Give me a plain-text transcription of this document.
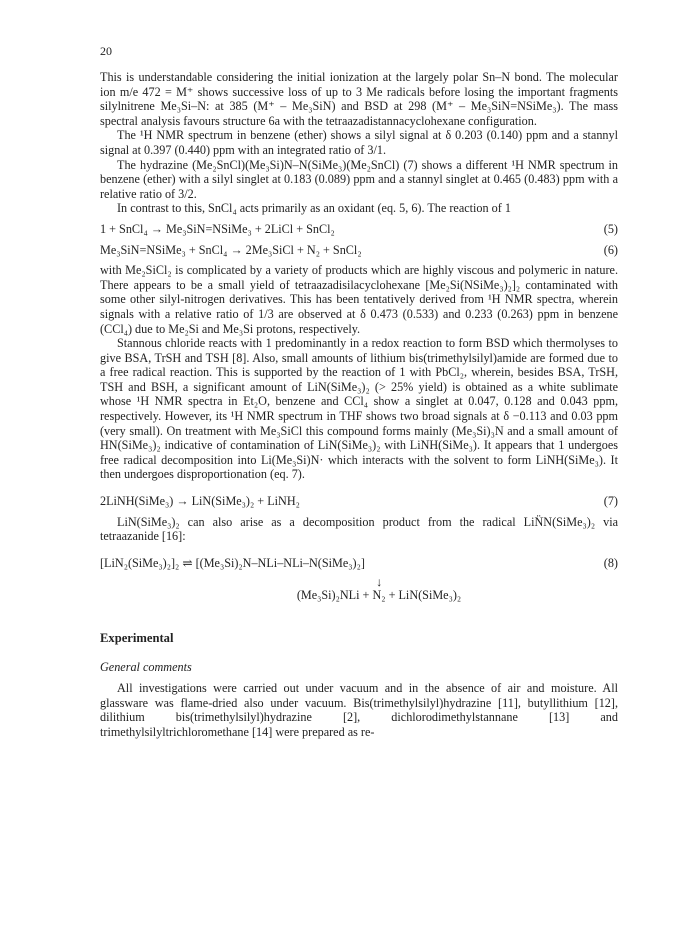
20

This is understandable considering the initial ionization at the largely polar Sn–N bond. The molecular ion m/e 472 = M⁺ shows successive loss of up to 3 Me radicals before losing the important fragments silylnitrene Me₃Si–N: at 385 (M⁺ – Me₃SiN) and BSD at 298 (M⁺ – Me₃SiN=NSiMe₃). The mass spectral analysis favours structure 6a with the tetraazadistannacyclohexane configuration.

The ¹H NMR spectrum in benzene (ether) shows a silyl signal at δ 0.203 (0.140) ppm and a stannyl signal at 0.397 (0.440) ppm with an integrated ratio of 3/1.

The hydrazine (Me₂SnCl)(Me₃Si)N–N(SiMe₃)(Me₂SnCl) (7) shows a different ¹H NMR spectrum in benzene (ether) with a silyl singlet at 0.183 (0.089) ppm and a stannyl singlet at 0.465 (0.483) ppm with a relative ratio of 3/2.

In contrast to this, SnCl₄ acts primarily as an oxidant (eq. 5, 6). The reaction of 1

1 + SnCl₄ → Me₃SiN=NSiMe₃ + 2LiCl + SnCl₂	(5)
Me₃SiN=NSiMe₃ + SnCl₄ → 2Me₃SiCl + N₂ + SnCl₂	(6)

with Me₂SiCl₂ is complicated by a variety of products which are highly viscous and polymeric in nature. There appears to be a small yield of tetraazadisilacyclohexane [Me₂Si(NSiMe₃)₂]₂ contaminated with some other silyl-nitrogen derivatives. This has been tentatively derived from ¹H NMR spectra, wherein signals with a relative ratio of 1/3 are observed at δ 0.473 (0.533) and 0.233 (0.263) ppm in benzene (CCl₄) due to Me₂Si and Me₃Si protons, respectively.

Stannous chloride reacts with 1 predominantly in a redox reaction to form BSD which thermolyses to give BSA, TrSH and TSH [8]. Also, small amounts of lithium bis(trimethylsilyl)amide are formed due to a free radical reaction. This is supported by the reaction of 1 with PbCl₂, wherein, besides BSA, TrSH, TSH and BSH, a significant amount of LiN(SiMe₃)₂ (> 25% yield) is obtained as a white sublimate whose ¹H NMR spectra in Et₂O, benzene and CCl₄ show a singlet at 0.047, 0.128 and 0.043 ppm, respectively. However, its ¹H NMR spectrum in THF shows two broad signals at δ −0.113 and 0.03 ppm (very small). On treatment with Me₃SiCl this compound forms mainly (Me₃Si)₃N and a small amount of HN(SiMe₃)₂ indicative of contamination of LiN(SiMe₃)₂ with LiNH(SiMe₃). It appears that 1 undergoes free radical decomposition into Li(Me₃Si)N· which interacts with the solvent to form LiNH(SiMe₃). It then undergoes disproportionation (eq. 7).

2LiNH(SiMe₃) → LiN(SiMe₃)₂ + LiNH₂	(7)

LiN(SiMe₃)₂ can also arise as a decomposition product from the radical LiN̈N(SiMe₃)₂ via tetraazanide [16]:

[LiN₂(SiMe₃)₂]₂ ⇌ [(Me₃Si)₂N–NLi–NLi–N(SiMe₃)₂]	(8)
↓
(Me₃Si)₂NLi + N₂ + LiN(SiMe₃)₂
Experimental
General comments

All investigations were carried out under vacuum and in the absence of air and moisture. All glassware was flame-dried also under vacuum. Bis(trimethylsilyl)hydrazine [11], butyllithium [12], dilithium bis(trimethylsilyl)hydrazine [2], dichlorodimethylstannane [13] and trimethylsilyltrichloromethane [14] were prepared as re-
